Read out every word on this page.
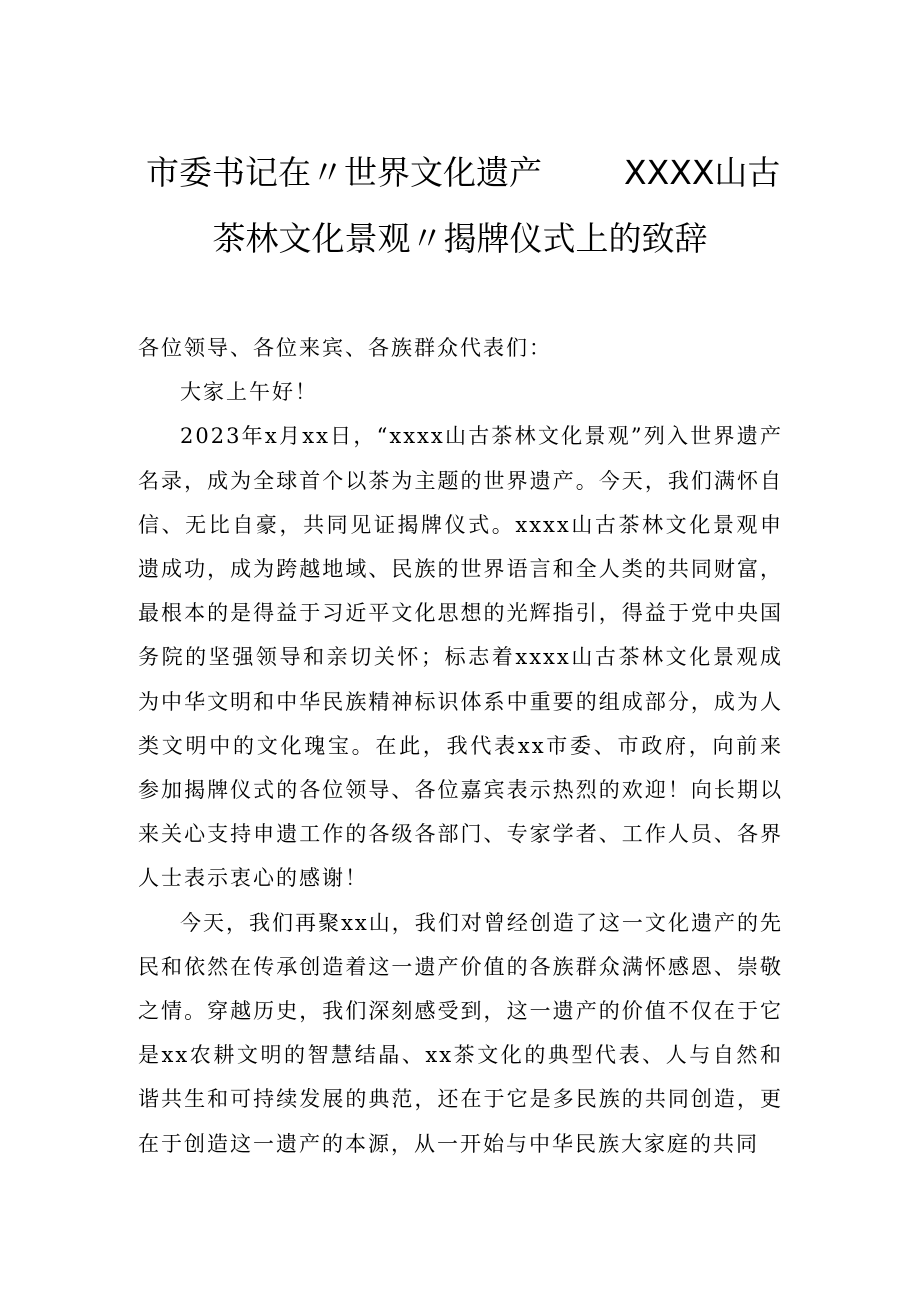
市委书记在〃世界文化遗产 XXXX山古
茶林文化景观〃揭牌仪式上的致辞

各位领导、各位来宾、各族群众代表们：

大家上午好！

2023年x月xx日，“xxxx山古茶林文化景观”列入世界遗产名录，成为全球首个以茶为主题的世界遗产。今天，我们满怀自信、无比自豪，共同见证揭牌仪式。xxxx山古茶林文化景观申遗成功，成为跨越地域、民族的世界语言和全人类的共同财富，最根本的是得益于习近平文化思想的光辉指引，得益于党中央国务院的坚强领导和亲切关怀；标志着xxxx山古茶林文化景观成为中华文明和中华民族精神标识体系中重要的组成部分，成为人类文明中的文化瑰宝。在此，我代表xx市委、市政府，向前来参加揭牌仪式的各位领导、各位嘉宾表示热烈的欢迎！向长期以来关心支持申遗工作的各级各部门、专家学者、工作人员、各界人士表示衷心的感谢！

今天，我们再聚xx山，我们对曾经创造了这一文化遗产的先民和依然在传承创造着这一遗产价值的各族群众满怀感恩、崇敬之情。穿越历史，我们深刻感受到，这一遗产的价值不仅在于它是xx农耕文明的智慧结晶、xx茶文化的典型代表、人与自然和谐共生和可持续发展的典范，还在于它是多民族的共同创造，更在于创造这一遗产的本源，从一开始与中华民族大家庭的共同
